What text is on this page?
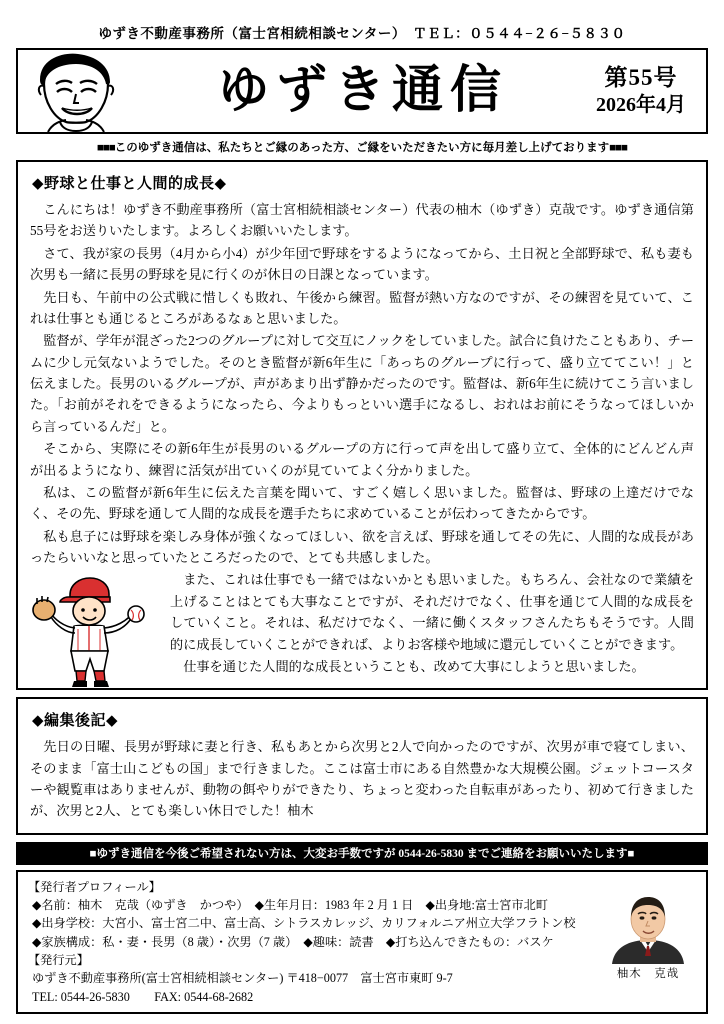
ゆずき不動産事務所（富士宮相続相談センター）　ＴＥＬ：０５４４−２６−５８３０
ゆずき通信	第55号
2026年4月
■■■このゆずき通信は、私たちとご縁のあった方、ご縁をいただきたい方に毎月差し上げております■■■
◆野球と仕事と人間的成長◆

こんにちは！ゆずき不動産事務所（富士宮相続相談センター）代表の柚木（ゆずき）克哉です。ゆずき通信第55号をお送りいたします。よろしくお願いいたします。

さて、我が家の長男（4月から小4）が少年団で野球をするようになってから、土日祝と全部野球で、私も妻も次男も一緒に長男の野球を見に行くのが休日の日課となっています。

先日も、午前中の公式戦に惜しくも敗れ、午後から練習。監督が熱い方なのですが、その練習を見ていて、これは仕事とも通じるところがあるなぁと思いました。

監督が、学年が混ざった2つのグループに対して交互にノックをしていました。試合に負けたこともあり、チームに少し元気ないようでした。そのとき監督が新6年生に「あっちのグループに行って、盛り立ててこい！」と伝えました。長男のいるグループが、声があまり出ず静かだったのです。監督は、新6年生に続けてこう言いました。「お前がそれをできるようになったら、今よりもっといい選手になるし、おれはお前にそうなってほしいから言っているんだ」と。

そこから、実際にその新6年生が長男のいるグループの方に行って声を出して盛り立て、全体的にどんどん声が出るようになり、練習に活気が出ていくのが見ていてよく分かりました。

私は、この監督が新6年生に伝えた言葉を聞いて、すごく嬉しく思いました。監督は、野球の上達だけでなく、その先、野球を通して人間的な成長を選手たちに求めていることが伝わってきたからです。

私も息子には野球を楽しみ身体が強くなってほしい、欲を言えば、野球を通してその先に、人間的な成長があったらいいなと思っていたところだったので、とても共感しました。

また、これは仕事でも一緒ではないかとも思いました。もちろん、会社なので業績を上げることはとても大事なことですが、それだけでなく、仕事を通じて人間的な成長をしていくこと。それは、私だけでなく、一緒に働くスタッフさんたちもそうです。人間的に成長していくことができれば、よりお客様や地域に還元していくことができます。

仕事を通じた人間的な成長ということも、改めて大事にしようと思いました。

◆編集後記◆

先日の日曜、長男が野球に妻と行き、私もあとから次男と2人で向かったのですが、次男が車で寝てしまい、そのまま「富士山こどもの国」まで行きました。ここは富士市にある自然豊かな大規模公園。ジェットコースターや観覧車はありませんが、動物の餌やりができたり、ちょっと変わった自転車があったり、初めて行きましたが、次男と2人、とても楽しい休日でした！柚木

■ゆずき通信を今後ご希望されない方は、大変お手数ですが 0544-26-5830 までご連絡をお願いいたします■
【発行者プロフィール】
◆名前：柚木　克哉（ゆずき　かつや）　◆生年月日：1983 年 2 月 1 日　◆出身地:富士宮市北町
◆出身学校：大宮小、富士宮二中、富士高、シトラスカレッジ、カリフォルニア州立大学フラトン校
◆家族構成：私・妻・長男（8 歳）・次男（7 歳）　◆趣味：読書　◆打ち込んできたもの：バスケ
【発行元】
ゆずき不動産事務所(富士宮相続相談センター) 〒418−0077　富士宮市東町 9-7
TEL: 0544-26-5830　　FAX: 0544-68-2682
柚木　克哉
